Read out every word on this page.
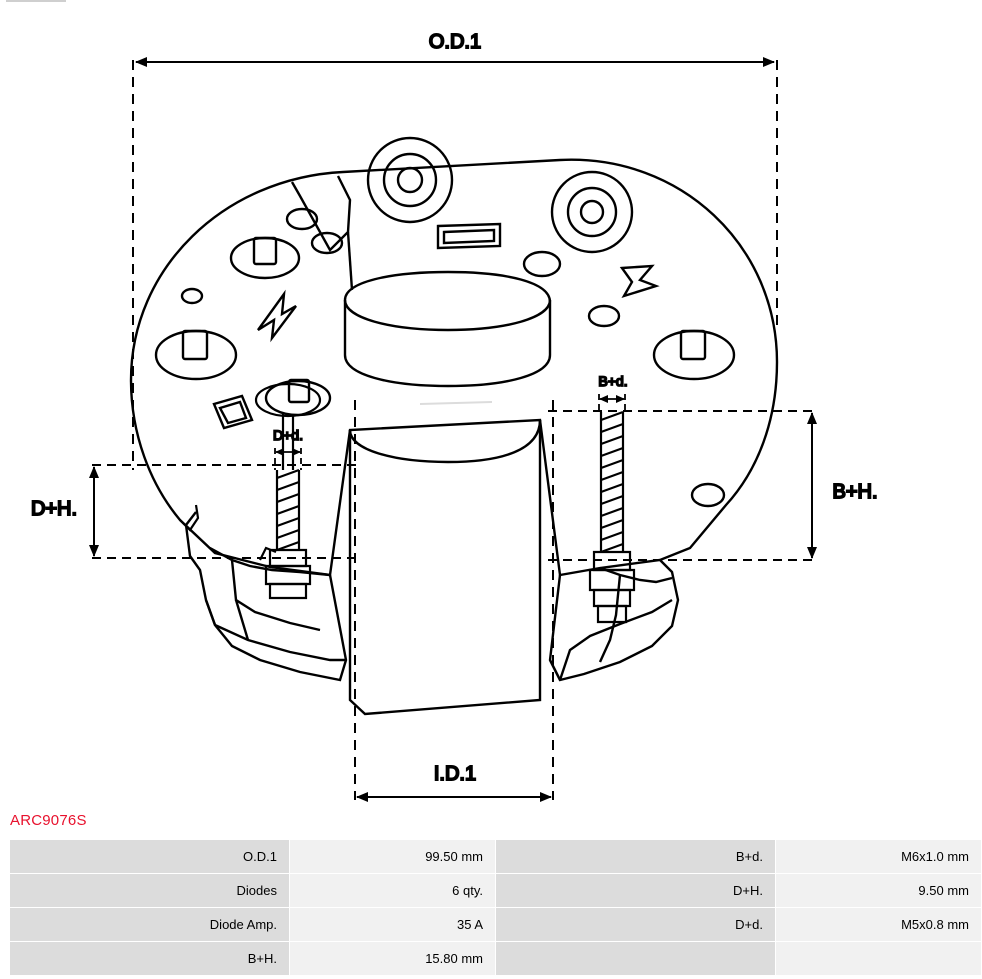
O.D.1
I.D.1
D+H.
D+d.
B+H.
B+d.
ARC9076S
O.D.1	99.50 mm	B+d.	M6x1.0 mm
Diodes	6 qty.	D+H.	9.50 mm
Diode Amp.	35 A	D+d.	M5x0.8 mm
B+H.	15.80 mm		
